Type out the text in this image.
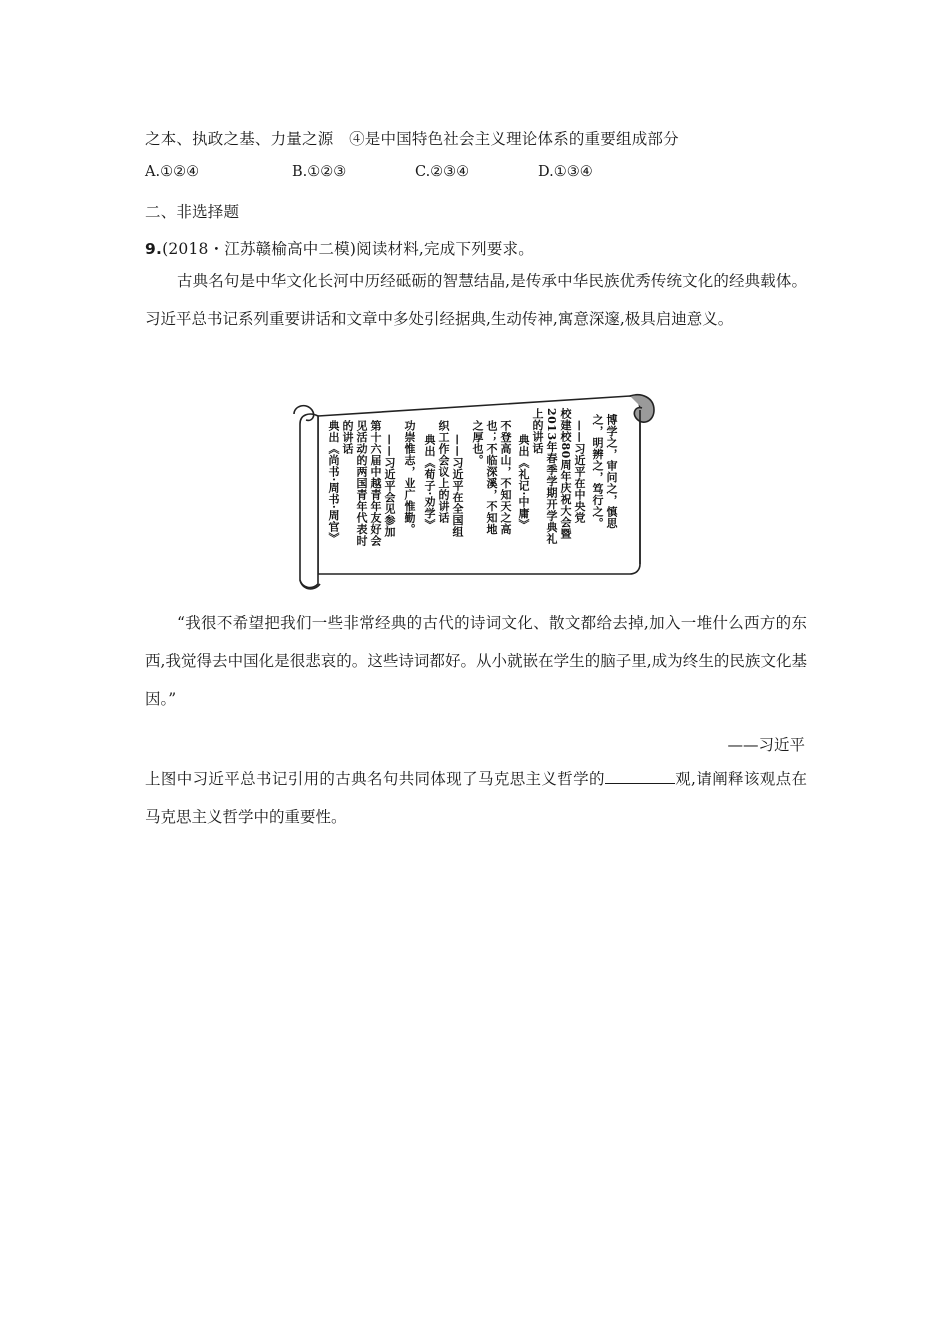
之本、执政之基、力量之源　④是中国特色社会主义理论体系的重要组成部分
A.①②④	B.①②③	C.②③④	D.①③④
二、非选择题
9.(2018・江苏赣榆高中二模)阅读材料,完成下列要求。
古典名句是中华文化长河中历经砥砺的智慧结晶,是传承中华民族优秀传统文化的经典载体。习近平总书记系列重要讲话和文章中多处引经据典,生动传神,寓意深邃,极具启迪意义。
博学之，审问之，慎思
之，明辨之，笃行之。
——习近平在中央党
校建校80周年庆祝大会暨
2013年春季学期开学典礼
上的讲话
典出《礼记·中庸》
不登高山，不知天之高
也；不临深溪，不知地
之厚也。
——习近平在全国组
织工作会议上的讲话
典出《荀子·劝学》
功崇惟志，业广惟勤。
——习近平会见参加
第十六届中越青年友好会
见活动的两国青年代表时
的讲话
典出《尚书·周书·周官》
“我很不希望把我们一些非常经典的古代的诗词文化、散文都给去掉,加入一堆什么西方的东西,我觉得去中国化是很悲哀的。这些诗词都好。从小就嵌在学生的脑子里,成为终生的民族文化基因。”
——习近平
上图中习近平总书记引用的古典名句共同体现了马克思主义哲学的	观,请阐释该观点在马克思主义哲学中的重要性。
